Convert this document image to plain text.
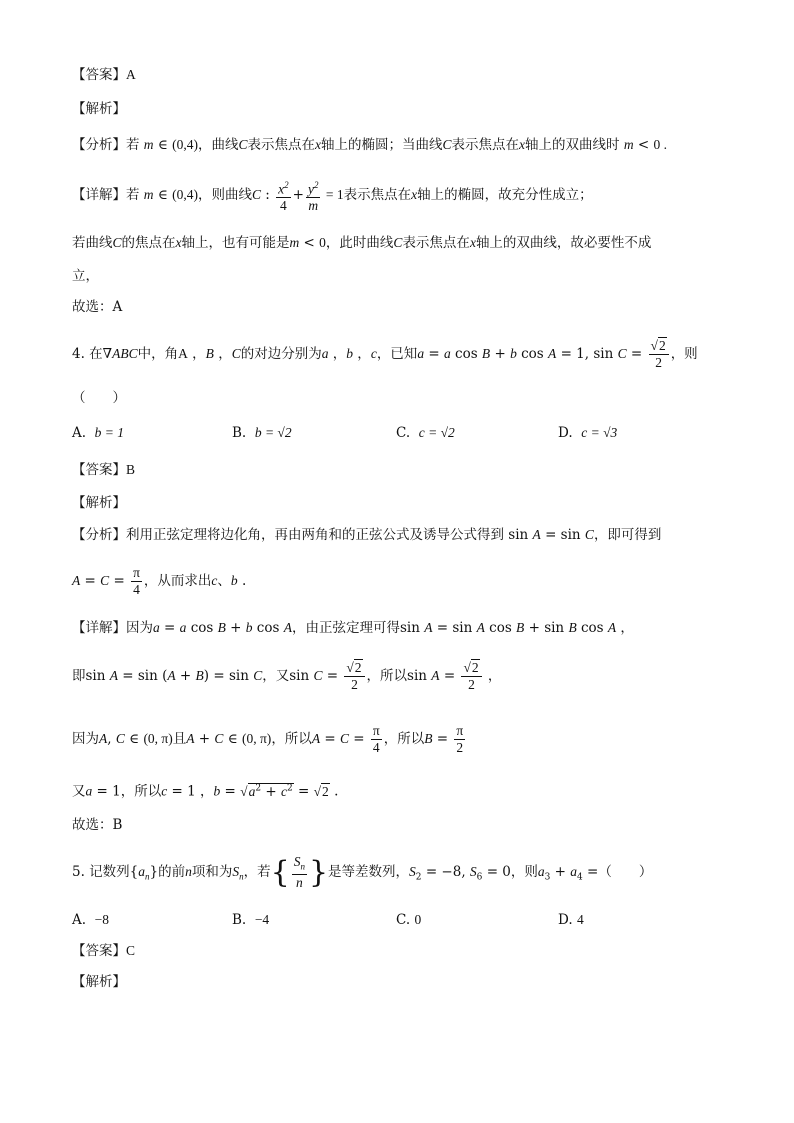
【答案】A
【解析】
【分析】若 m ∈ (0,4)，曲线C表示焦点在x轴上的椭圆；当曲线C表示焦点在x轴上的双曲线时 m < 0 .
【详解】若 m ∈ (0,4)，则曲线C : $\frac{x^2}{4} + \frac{y^2}{m} = 1$表示焦点在x轴上的椭圆，故充分性成立；
若曲线C的焦点在x轴上，也有可能是m < 0，此时曲线C表示焦点在x轴上的双曲线，故必要性不成
立，
故选：A
4. 在∇ABC中，角A ，B ，C的对边分别为a ，b ，c，已知a = a cos B + b cos A = 1, $\sin C = \frac{√2}{2}$ ，则
（　　）
A. b = 1	B. b = √2	C. c = √2	D. c = √3
【答案】B
【解析】
【分析】利用正弦定理将边化角，再由两角和的正弦公式及诱导公式得到 sin A = sin C，即可得到
$A = C = \frac{\pi}{4}$ ，从而求出c、b .
【详解】因为a = a cos B + b cos A，由正弦定理可得sin A = sin A cos B + sin B cos A ，
即sin A = sin (A + B) = sin C，又$\sin C = \frac{√2}{2}$ ，所以$\sin A = \frac{√2}{2}$ ，
因为A, C ∈ (0, π)且A + C ∈ (0, π)，所以$A = C = \frac{\pi}{4}$ ，所以$B = \frac{\pi}{2}$
又a = 1，所以c = 1 ，$b = √a^2 + c^2 = √2$ .
故选：B
5. 记数列$\{a_n\}$的前n项和为$S_n$，若{ $\frac{S_n}{n}$ }是等差数列，$S_2 = -8$, $S_6 = 0$，则$a_3 + a_4$ =（　　）
A. −8	B. −4	C. 0	D. 4
【答案】C
【解析】
